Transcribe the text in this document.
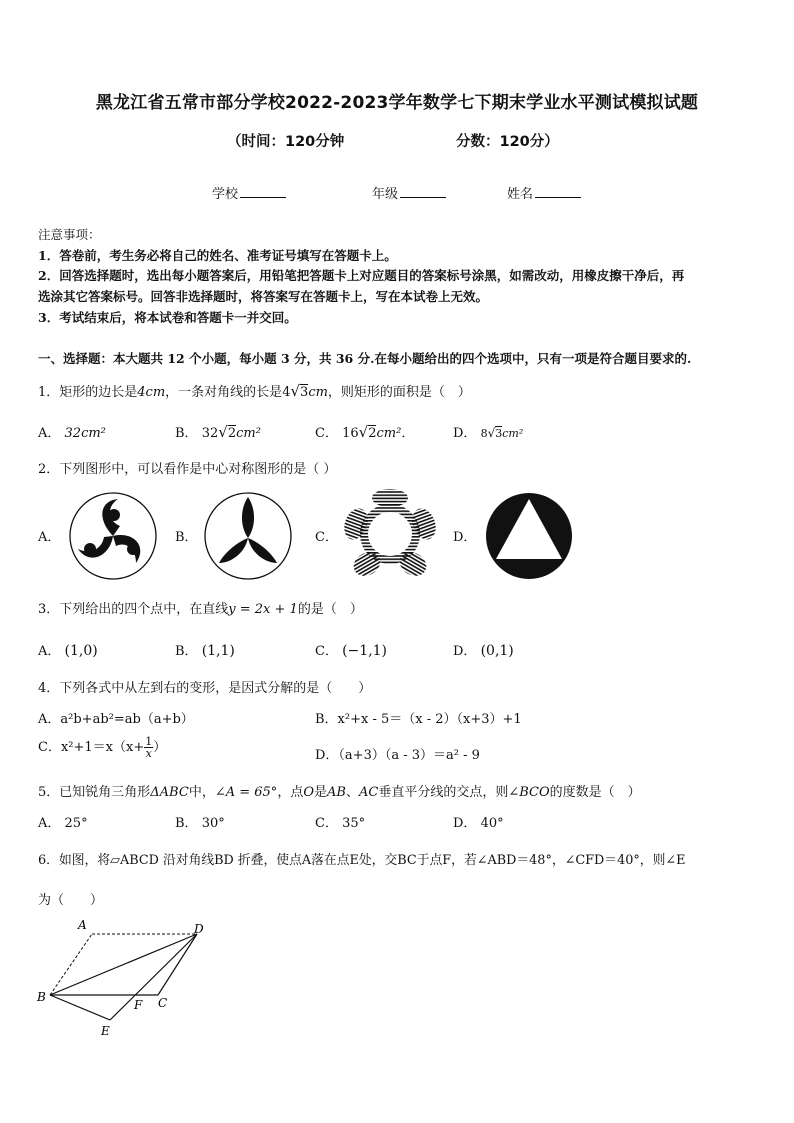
黑龙江省五常市部分学校2022-2023学年数学七下期末学业水平测试模拟试题
（时间：120分钟	分数：120分）
学校	年级	姓名
注意事项：
1．答卷前，考生务必将自己的姓名、准考证号填写在答题卡上。
2．回答选择题时，选出每小题答案后，用铅笔把答题卡上对应题目的答案标号涂黑，如需改动，用橡皮擦干净后，再
选涂其它答案标号。回答非选择题时，将答案写在答题卡上，写在本试卷上无效。
3．考试结束后，将本试卷和答题卡一并交回。
一、选择题：本大题共 12 个小题，每小题 3 分，共 36 分.在每小题给出的四个选项中，只有一项是符合题目要求的.
1．矩形的边长是4cm，一条对角线的长是4√3cm，则矩形的面积是（　）
A． 32cm²	B． 32√2cm²	C． 16√2cm²．	D． 8√3cm²
2．下列图形中，可以看作是中心对称图形的是（ ）
A．	B．	C．	D．
3．下列给出的四个点中，在直线y = 2x + 1的是（　）
A． (1,0)	B． (1,1)	C． (−1,1)	D． (0,1)
4．下列各式中从左到右的变形，是因式分解的是（　　）
A．a²b+ab²=ab（a+b）	B．x²+x - 5＝（x - 2）（x+3）+1
C．$x^2+1=x(x+ \frac{1}{x}$ ）
D．（a+3）（a - 3）＝a² - 9
5．已知锐角三角形ΔABC中，∠A = 65°，点O是AB、AC垂直平分线的交点，则∠BCO的度数是（　）
A． 25°	B． 30°	C． 35°	D． 40°
6．如图，将▱ABCD 沿对角线BD 折叠，使点A落在点E处，交BC于点F，若∠ABD＝48°，∠CFD＝40°，则∠E
为（　　）
A	D
B
F C
E
